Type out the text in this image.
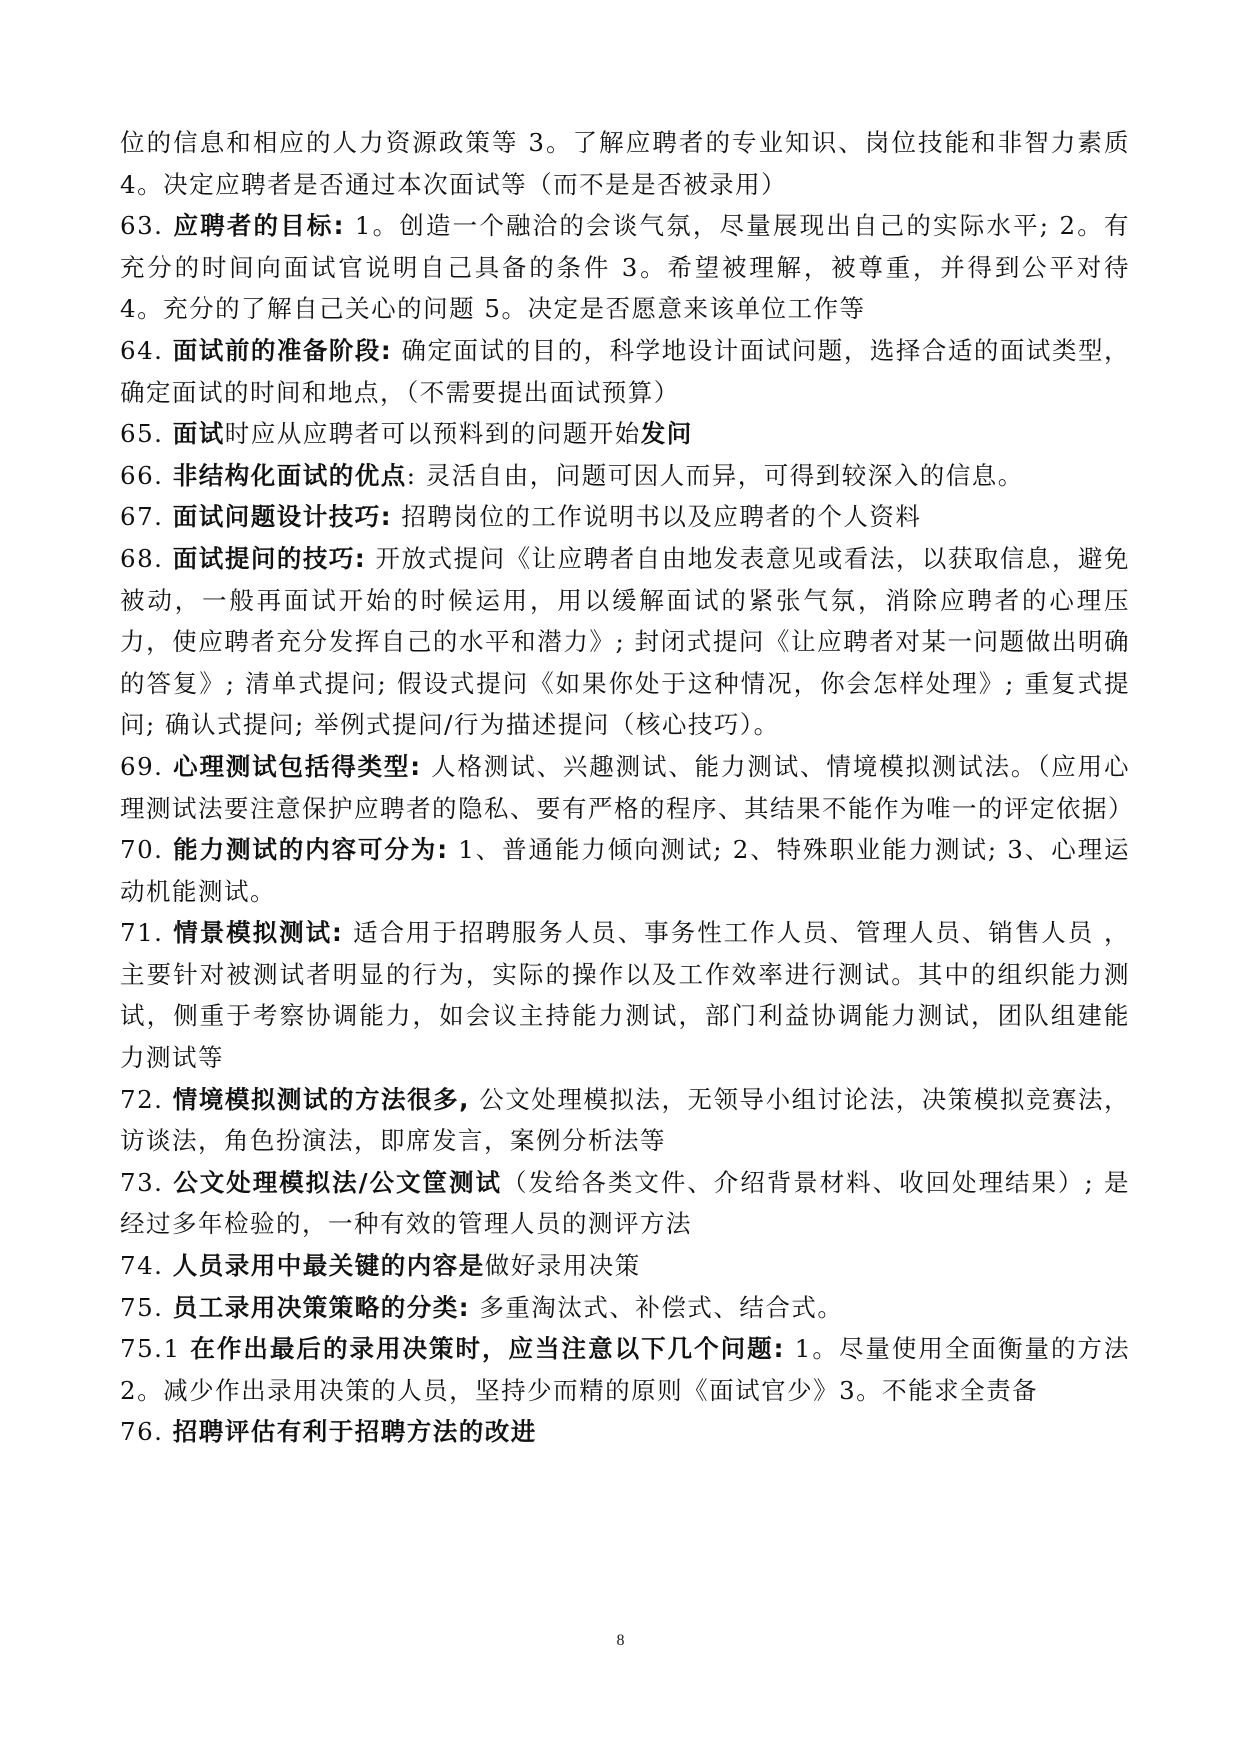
位的信息和相应的人力资源政策等 3。了解应聘者的专业知识、岗位技能和非智力素质 4。决定应聘者是否通过本次面试等（而不是是否被录用）

63. 应聘者的目标: 1。创造一个融洽的会谈气氛，尽量展现出自己的实际水平; 2。有充分的时间向面试官说明自己具备的条件 3。希望被理解，被尊重，并得到公平对待 4。充分的了解自己关心的问题 5。决定是否愿意来该单位工作等

64. 面试前的准备阶段: 确定面试的目的，科学地设计面试问题，选择合适的面试类型，确定面试的时间和地点，（不需要提出面试预算）

65. 面试时应从应聘者可以预料到的问题开始发问

66. 非结构化面试的优点: 灵活自由，问题可因人而异，可得到较深入的信息。

67. 面试问题设计技巧: 招聘岗位的工作说明书以及应聘者的个人资料

68. 面试提问的技巧: 开放式提问《让应聘者自由地发表意见或看法，以获取信息，避免被动，一般再面试开始的时候运用，用以缓解面试的紧张气氛，消除应聘者的心理压力，使应聘者充分发挥自己的水平和潜力》; 封闭式提问《让应聘者对某一问题做出明确的答复》; 清单式提问; 假设式提问《如果你处于这种情况，你会怎样处理》; 重复式提问; 确认式提问; 举例式提问/行为描述提问（核心技巧）。

69. 心理测试包括得类型: 人格测试、兴趣测试、能力测试、情境模拟测试法。（应用心理测试法要注意保护应聘者的隐私、要有严格的程序、其结果不能作为唯一的评定依据）

70. 能力测试的内容可分为: 1、普通能力倾向测试; 2、特殊职业能力测试; 3、心理运动机能测试。

71. 情景模拟测试: 适合用于招聘服务人员、事务性工作人员、管理人员、销售人员 ，主要针对被测试者明显的行为，实际的操作以及工作效率进行测试。其中的组织能力测试，侧重于考察协调能力，如会议主持能力测试，部门利益协调能力测试，团队组建能力测试等

72. 情境模拟测试的方法很多, 公文处理模拟法，无领导小组讨论法，决策模拟竞赛法，访谈法，角色扮演法，即席发言，案例分析法等

73. 公文处理模拟法/公文筐测试（发给各类文件、介绍背景材料、收回处理结果）; 是经过多年检验的，一种有效的管理人员的测评方法

74. 人员录用中最关键的内容是做好录用决策

75. 员工录用决策策略的分类: 多重淘汰式、补偿式、结合式。

75.1 在作出最后的录用决策时，应当注意以下几个问题: 1。尽量使用全面衡量的方法 2。减少作出录用决策的人员，坚持少而精的原则《面试官少》3。不能求全责备

76. 招聘评估有利于招聘方法的改进

8
